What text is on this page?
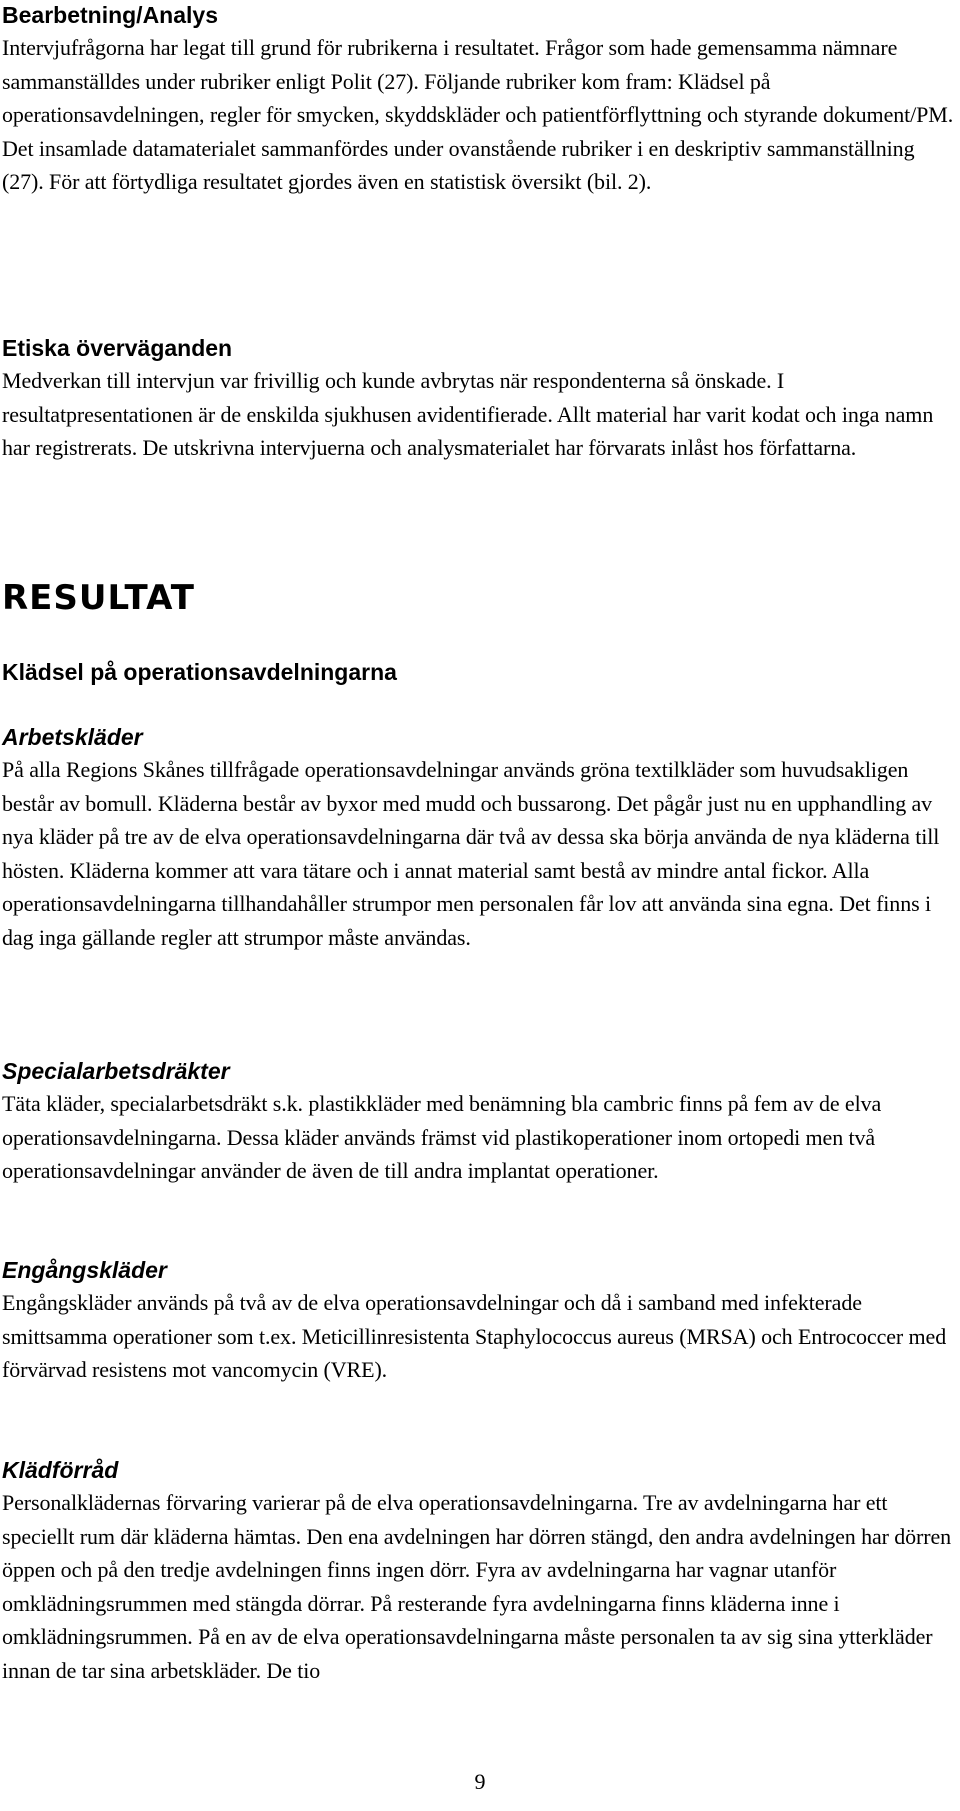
Bearbetning/Analys

Intervjufrågorna har legat till grund för rubrikerna i resultatet. Frågor som hade gemensamma nämnare sammanställdes under rubriker enligt Polit (27). Följande rubriker kom fram: Klädsel på operationsavdelningen, regler för smycken, skyddskläder och patientförflyttning och styrande dokument/PM. Det insamlade datamaterialet sammanfördes under ovanstående rubriker i en deskriptiv sammanställning (27). För att förtydliga resultatet gjordes även en statistisk översikt (bil. 2).

Etiska överväganden

Medverkan till intervjun var frivillig och kunde avbrytas när respondenterna så önskade. I resultatpresentationen är de enskilda sjukhusen avidentifierade. Allt material har varit kodat och inga namn har registrerats. De utskrivna intervjuerna och analysmaterialet har förvarats inlåst hos författarna.

RESULTAT
Klädsel på operationsavdelningarna
Arbetskläder

På alla Regions Skånes tillfrågade operationsavdelningar används gröna textilkläder som huvudsakligen består av bomull. Kläderna består av byxor med mudd och bussarong. Det pågår just nu en upphandling av nya kläder på tre av de elva operationsavdelningarna där två av dessa ska börja använda de nya kläderna till hösten. Kläderna kommer att vara tätare och i annat material samt bestå av mindre antal fickor. Alla operationsavdelningarna tillhandahåller strumpor men personalen får lov att använda sina egna. Det finns i dag inga gällande regler att strumpor måste användas.

Specialarbetsdräkter

Täta kläder, specialarbetsdräkt s.k. plastikkläder med benämning bla cambric finns på fem av de elva operationsavdelningarna. Dessa kläder används främst vid plastikoperationer inom ortopedi men två operationsavdelningar använder de även de till andra implantat operationer.

Engångskläder

Engångskläder används på två av de elva operationsavdelningar och då i samband med infekterade smittsamma operationer som t.ex. Meticillinresistenta Staphylococcus aureus (MRSA) och Entrococcer med förvärvad resistens mot vancomycin (VRE).

Klädförråd

Personalklädernas förvaring varierar på de elva operationsavdelningarna. Tre av avdelningarna har ett speciellt rum där kläderna hämtas. Den ena avdelningen har dörren stängd, den andra avdelningen har dörren öppen och på den tredje avdelningen finns ingen dörr. Fyra av avdelningarna har vagnar utanför omklädningsrummen med stängda dörrar. På resterande fyra avdelningarna finns kläderna inne i omklädningsrummen. På en av de elva operationsavdelningarna måste personalen ta av sig sina ytterkläder innan de tar sina arbetskläder. De tio

9
